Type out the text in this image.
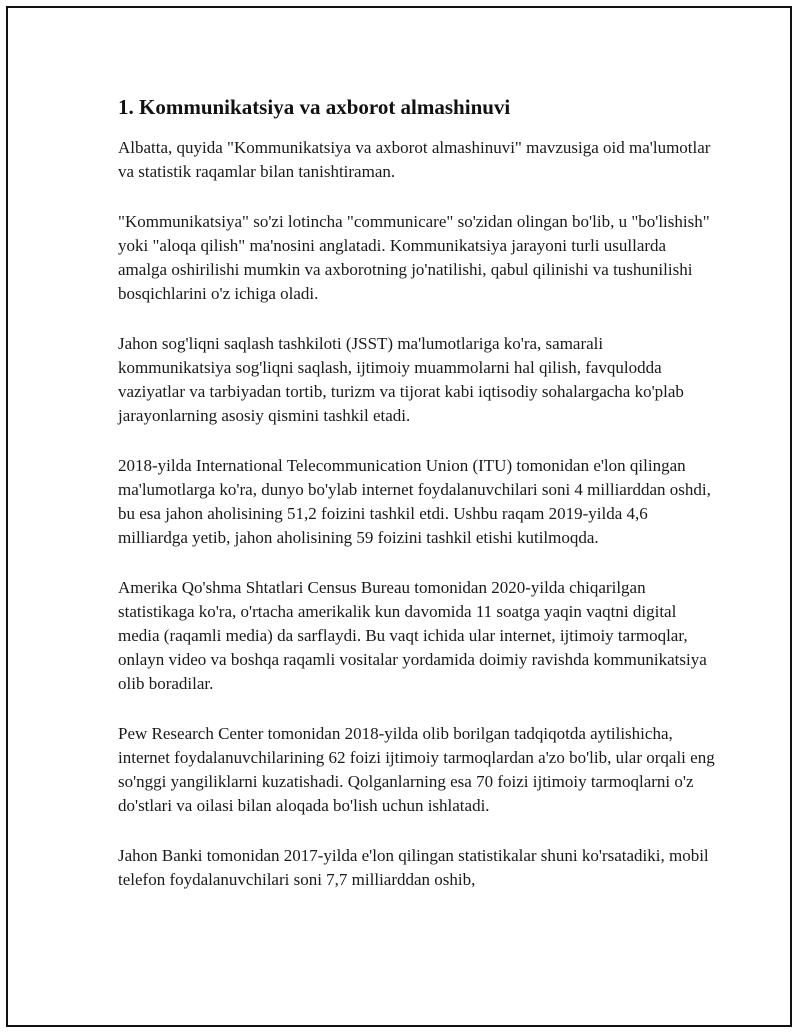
1. Kommunikatsiya va axborot almashinuvi

Albatta, quyida "Kommunikatsiya va axborot almashinuvi" mavzusiga oid ma'lumotlar va statistik raqamlar bilan tanishtiraman.

"Kommunikatsiya" so'zi lotincha "communicare" so'zidan olingan bo'lib, u "bo'lishish" yoki "aloqa qilish" ma'nosini anglatadi. Kommunikatsiya jarayoni turli usullarda amalga oshirilishi mumkin va axborotning jo'natilishi, qabul qilinishi va tushunilishi bosqichlarini o'z ichiga oladi.

Jahon sog'liqni saqlash tashkiloti (JSST) ma'lumotlariga ko'ra, samarali kommunikatsiya sog'liqni saqlash, ijtimoiy muammolarni hal qilish, favqulodda vaziyatlar va tarbiyadan tortib, turizm va tijorat kabi iqtisodiy sohalargacha ko'plab jarayonlarning asosiy qismini tashkil etadi.

2018-yilda International Telecommunication Union (ITU) tomonidan e'lon qilingan ma'lumotlarga ko'ra, dunyo bo'ylab internet foydalanuvchilari soni 4 milliarddan oshdi, bu esa jahon aholisining 51,2 foizini tashkil etdi. Ushbu raqam 2019-yilda 4,6 milliardga yetib, jahon aholisining 59 foizini tashkil etishi kutilmoqda.

Amerika Qo'shma Shtatlari Census Bureau tomonidan 2020-yilda chiqarilgan statistikaga ko'ra, o'rtacha amerikalik kun davomida 11 soatga yaqin vaqtni digital media (raqamli media) da sarflaydi. Bu vaqt ichida ular internet, ijtimoiy tarmoqlar, onlayn video va boshqa raqamli vositalar yordamida doimiy ravishda kommunikatsiya olib boradilar.

Pew Research Center tomonidan 2018-yilda olib borilgan tadqiqotda aytilishicha, internet foydalanuvchilarining 62 foizi ijtimoiy tarmoqlardan a'zo bo'lib, ular orqali eng so'nggi yangiliklarni kuzatishadi. Qolganlarning esa 70 foizi ijtimoiy tarmoqlarni o'z do'stlari va oilasi bilan aloqada bo'lish uchun ishlatadi.

Jahon Banki tomonidan 2017-yilda e'lon qilingan statistikalar shuni ko'rsatadiki, mobil telefon foydalanuvchilari soni 7,7 milliarddan oshib,
